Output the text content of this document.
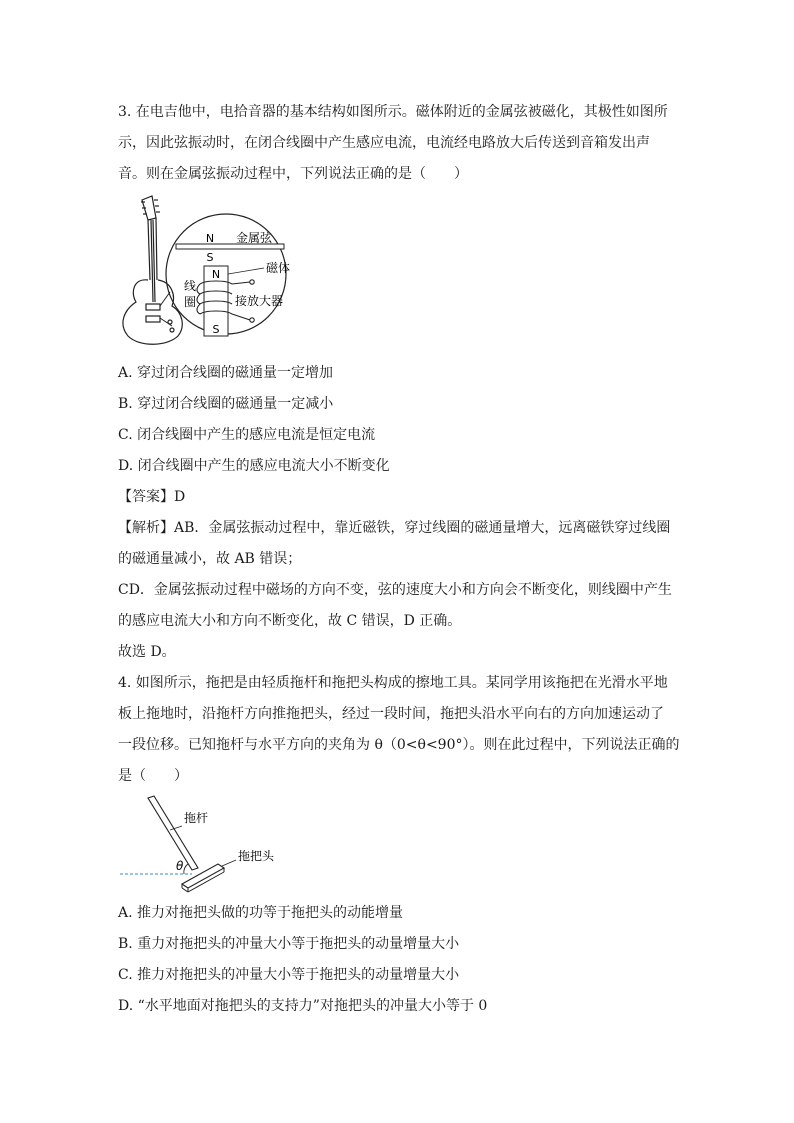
3. 在电吉他中，电拾音器的基本结构如图所示。磁体附近的金属弦被磁化，其极性如图所
示，因此弦振动时，在闭合线圈中产生感应电流，电流经电路放大后传送到音箱发出声
音。则在金属弦振动过程中，下列说法正确的是（　　）
N
S
金属弦
N
S
磁体
线
圈	接放大器
A. 穿过闭合线圈的磁通量一定增加
B. 穿过闭合线圈的磁通量一定减小
C. 闭合线圈中产生的感应电流是恒定电流
D. 闭合线圈中产生的感应电流大小不断变化
【答案】D
【解析】AB．金属弦振动过程中，靠近磁铁，穿过线圈的磁通量增大，远离磁铁穿过线圈
的磁通量减小，故 AB 错误；
CD．金属弦振动过程中磁场的方向不变，弦的速度大小和方向会不断变化，则线圈中产生
的感应电流大小和方向不断变化，故 C 错误，D 正确。
故选 D。
4. 如图所示，拖把是由轻质拖杆和拖把头构成的擦地工具。某同学用该拖把在光滑水平地
板上拖地时，沿拖杆方向推拖把头，经过一段时间，拖把头沿水平向右的方向加速运动了
一段位移。已知拖杆与水平方向的夹角为 θ（0<θ<90°）。则在此过程中，下列说法正确的
是（　　）
θ
拖杆
拖把头
A. 推力对拖把头做的功等于拖把头的动能增量
B. 重力对拖把头的冲量大小等于拖把头的动量增量大小
C. 推力对拖把头的冲量大小等于拖把头的动量增量大小
D. “水平地面对拖把头的支持力”对拖把头的冲量大小等于 0
